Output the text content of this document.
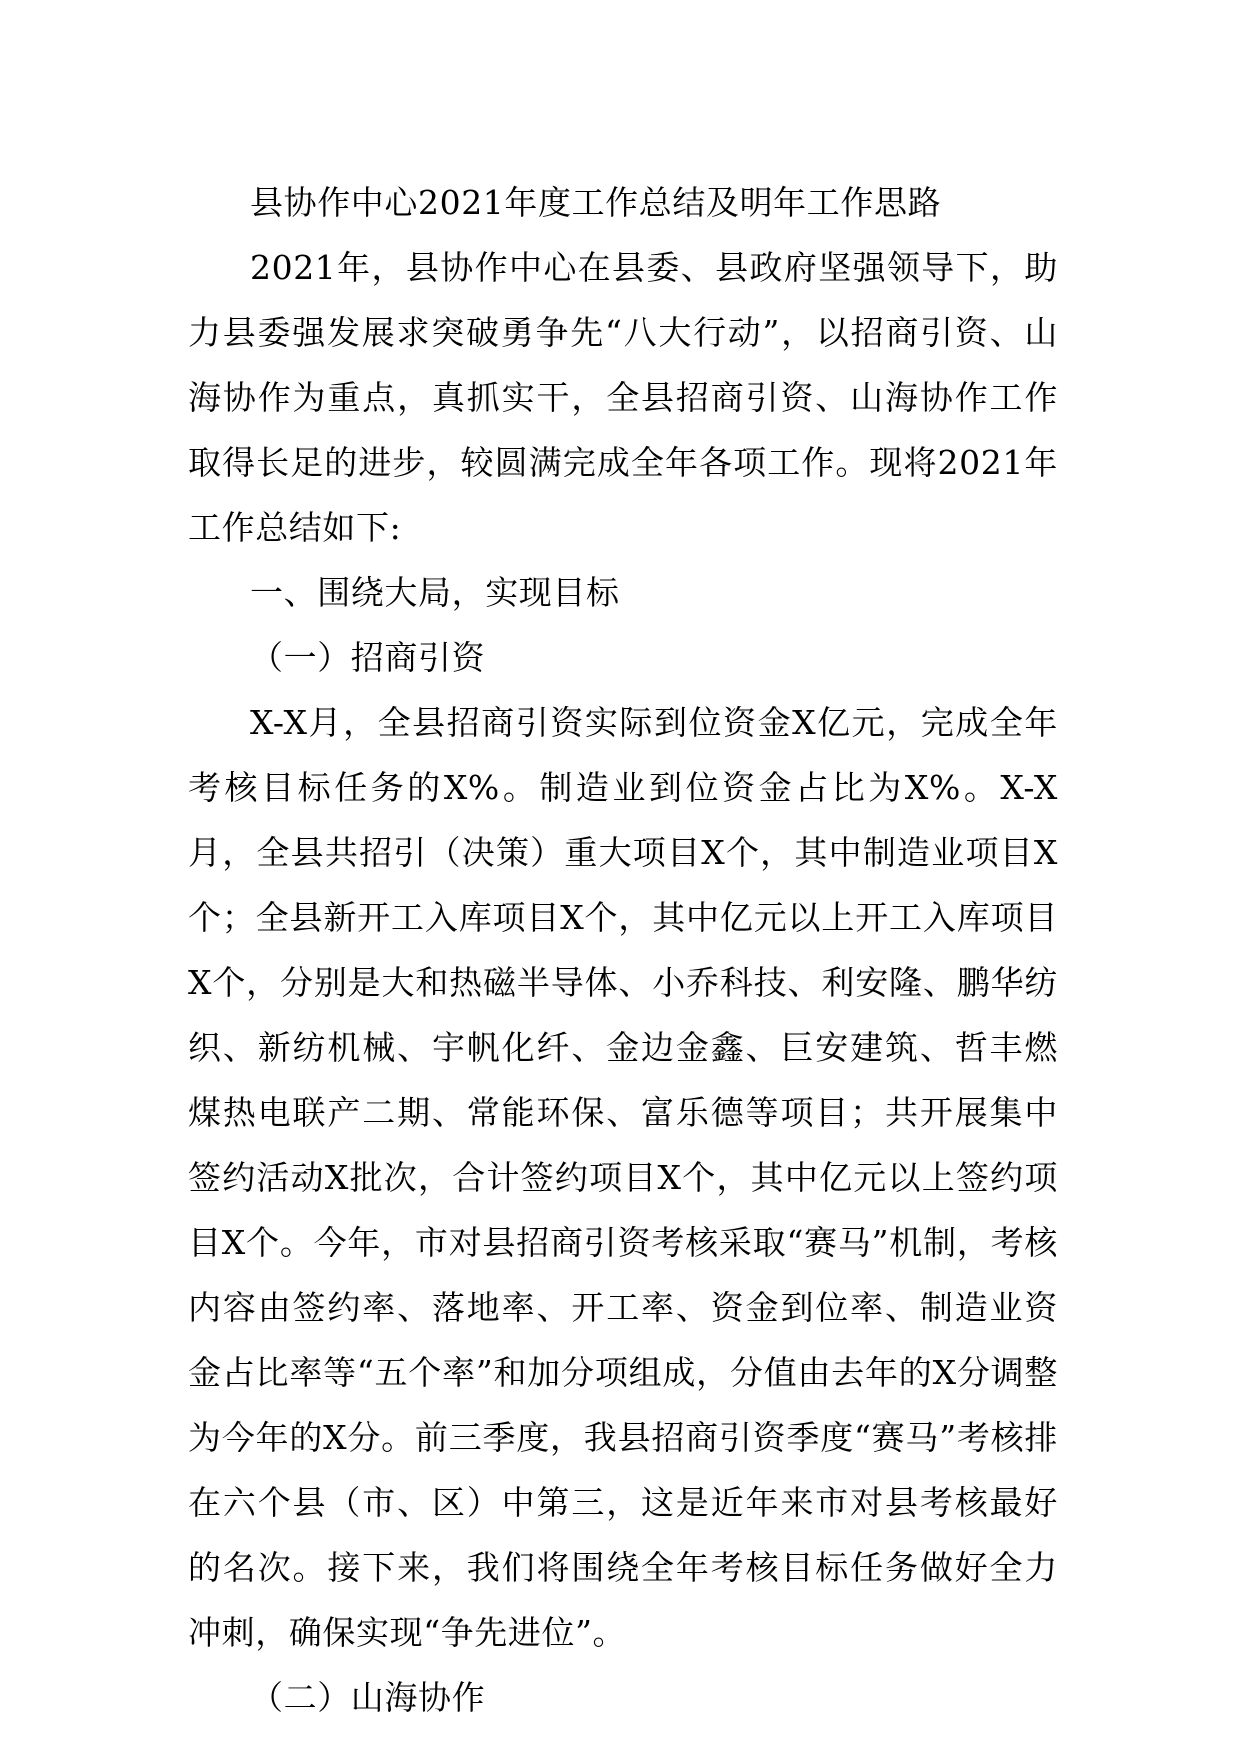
县协作中心2021年度工作总结及明年工作思路

2021年，县协作中心在县委、县政府坚强领导下，助力县委强发展求突破勇争先“八大行动”，以招商引资、山海协作为重点，真抓实干，全县招商引资、山海协作工作取得长足的进步，较圆满完成全年各项工作。现将2021年工作总结如下:

一、围绕大局，实现目标

（一）招商引资

X-X月，全县招商引资实际到位资金X亿元，完成全年考核目标任务的X%。制造业到位资金占比为X%。X-X月，全县共招引（决策）重大项目X个，其中制造业项目X个；全县新开工入库项目X个，其中亿元以上开工入库项目X个，分别是大和热磁半导体、小乔科技、利安隆、鹏华纺织、新纺机械、宇帆化纤、金边金鑫、巨安建筑、哲丰燃煤热电联产二期、常能环保、富乐德等项目；共开展集中签约活动X批次，合计签约项目X个，其中亿元以上签约项目X个。今年，市对县招商引资考核采取“赛马”机制，考核内容由签约率、落地率、开工率、资金到位率、制造业资金占比率等“五个率”和加分项组成，分值由去年的X分调整为今年的X分。前三季度，我县招商引资季度“赛马”考核排在六个县（市、区）中第三，这是近年来市对县考核最好的名次。接下来，我们将围绕全年考核目标任务做好全力冲刺，确保实现“争先进位”。

（二）山海协作
